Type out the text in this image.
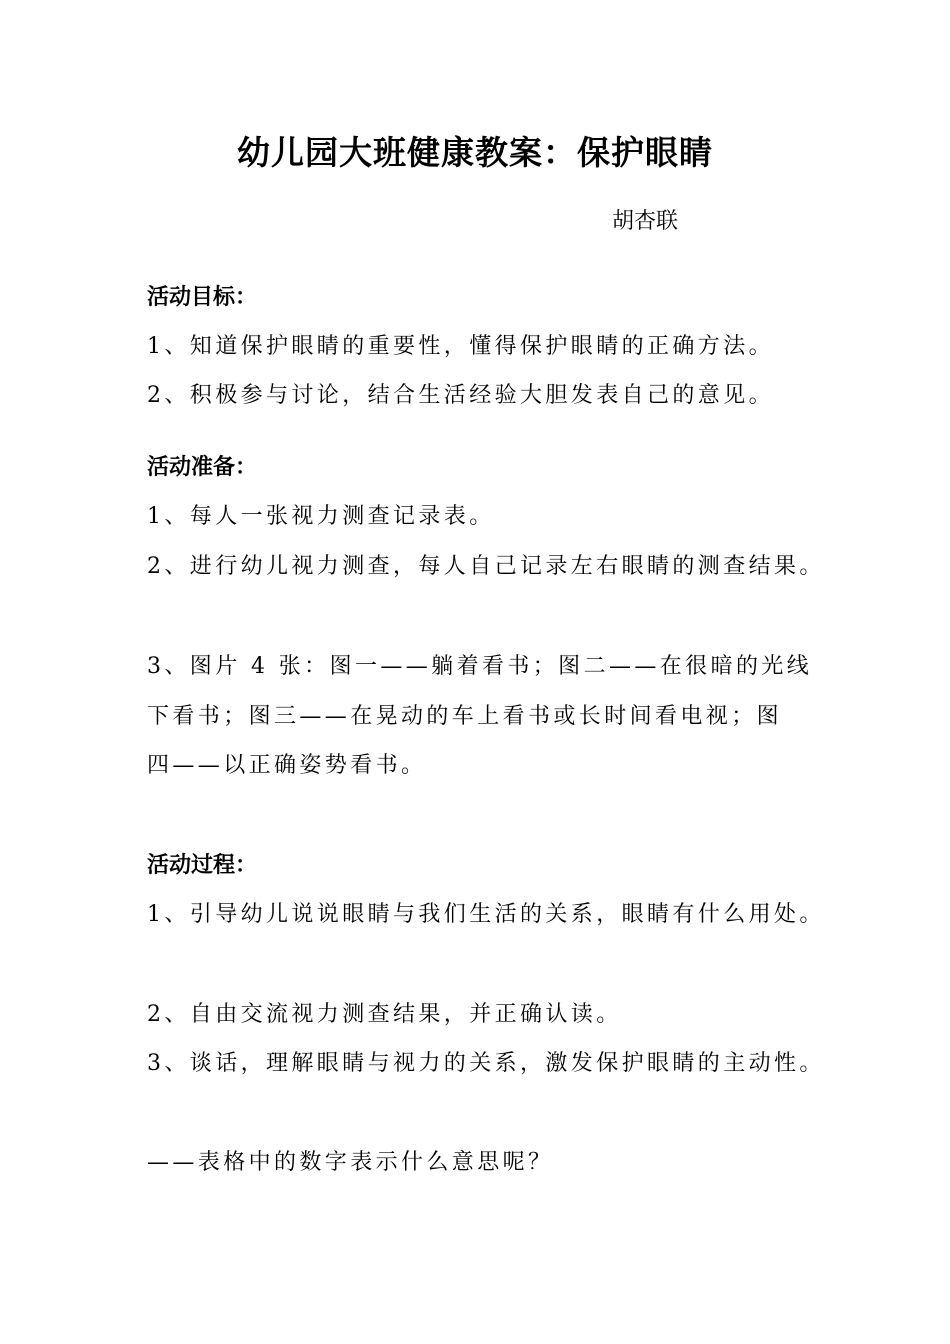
幼儿园大班健康教案：保护眼睛
胡杏联
活动目标：
1、知道保护眼睛的重要性，懂得保护眼睛的正确方法。
2、积极参与讨论，结合生活经验大胆发表自己的意见。
活动准备：
1、每人一张视力测查记录表。
2、进行幼儿视力测查，每人自己记录左右眼睛的测查结果。
3、图片 4 张：图一——躺着看书；图二——在很暗的光线
下看书；图三——在晃动的车上看书或长时间看电视；图
四——以正确姿势看书。
活动过程：
1、引导幼儿说说眼睛与我们生活的关系，眼睛有什么用处。
2、自由交流视力测查结果，并正确认读。
3、谈话，理解眼睛与视力的关系，激发保护眼睛的主动性。
——表格中的数字表示什么意思呢？
